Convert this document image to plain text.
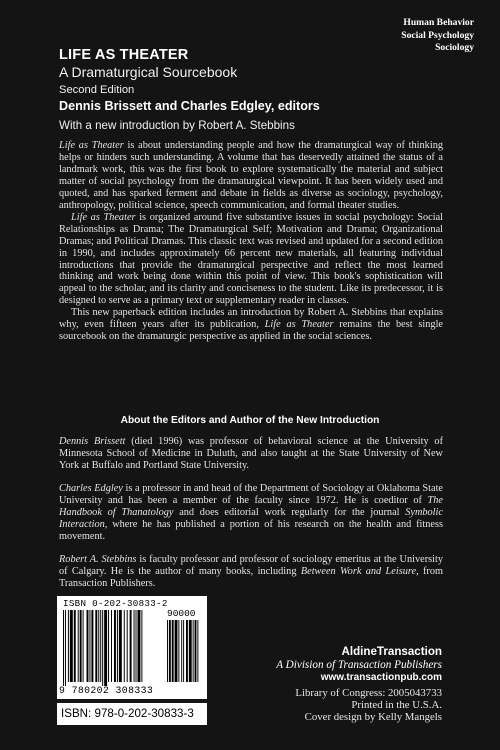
Human Behavior
Social Psychology
Sociology
LIFE AS THEATER
A Dramaturgical Sourcebook
Second Edition
Dennis Brissett and Charles Edgley, editors
With a new introduction by Robert A. Stebbins

Life as Theater is about understanding people and how the dramaturgical way of thinking helps or hinders such understanding. A volume that has deservedly attained the status of a landmark work, this was the first book to explore systematically the material and subject matter of social psychology from the dramaturgical viewpoint. It has been widely used and quoted, and has sparked ferment and debate in fields as diverse as sociology, psychology, anthropology, political science, speech communication, and formal theater studies.

Life as Theater is organized around five substantive issues in social psychology: Social Relationships as Drama; The Dramaturgical Self; Motivation and Drama; Organizational Dramas; and Political Dramas. This classic text was revised and updated for a second edition in 1990, and includes approximately 66 percent new materials, all featuring individual introductions that provide the dramaturgical perspective and reflect the most learned thinking and work being done within this point of view. This book's sophistication will appeal to the scholar, and its clarity and conciseness to the student. Like its predecessor, it is designed to serve as a primary text or supplementary reader in classes.

This new paperback edition includes an introduction by Robert A. Stebbins that explains why, even fifteen years after its publication, Life as Theater remains the best single sourcebook on the dramaturgic perspective as applied in the social sciences.

About the Editors and Author of the New Introduction

Dennis Brissett (died 1996) was professor of behavioral science at the University of Minnesota School of Medicine in Duluth, and also taught at the State University of New York at Buffalo and Portland State University.

Charles Edgley is a professor in and head of the Department of Sociology at Oklahoma State University and has been a member of the faculty since 1972. He is coeditor of The Handbook of Thanatology and does editorial work regularly for the journal Symbolic Interaction, where he has published a portion of his research on the health and fitness movement.

Robert A. Stebbins is faculty professor and professor of sociology emeritus at the University of Calgary. He is the author of many books, including Between Work and Leisure, from Transaction Publishers.

ISBN 0-202-30833-2
90000
9 780202 308333
ISBN: 978-0-202-30833-3
AldineTransaction
A Division of Transaction Publishers
www.transactionpub.com
Library of Congress: 2005043733
Printed in the U.S.A.
Cover design by Kelly Mangels
